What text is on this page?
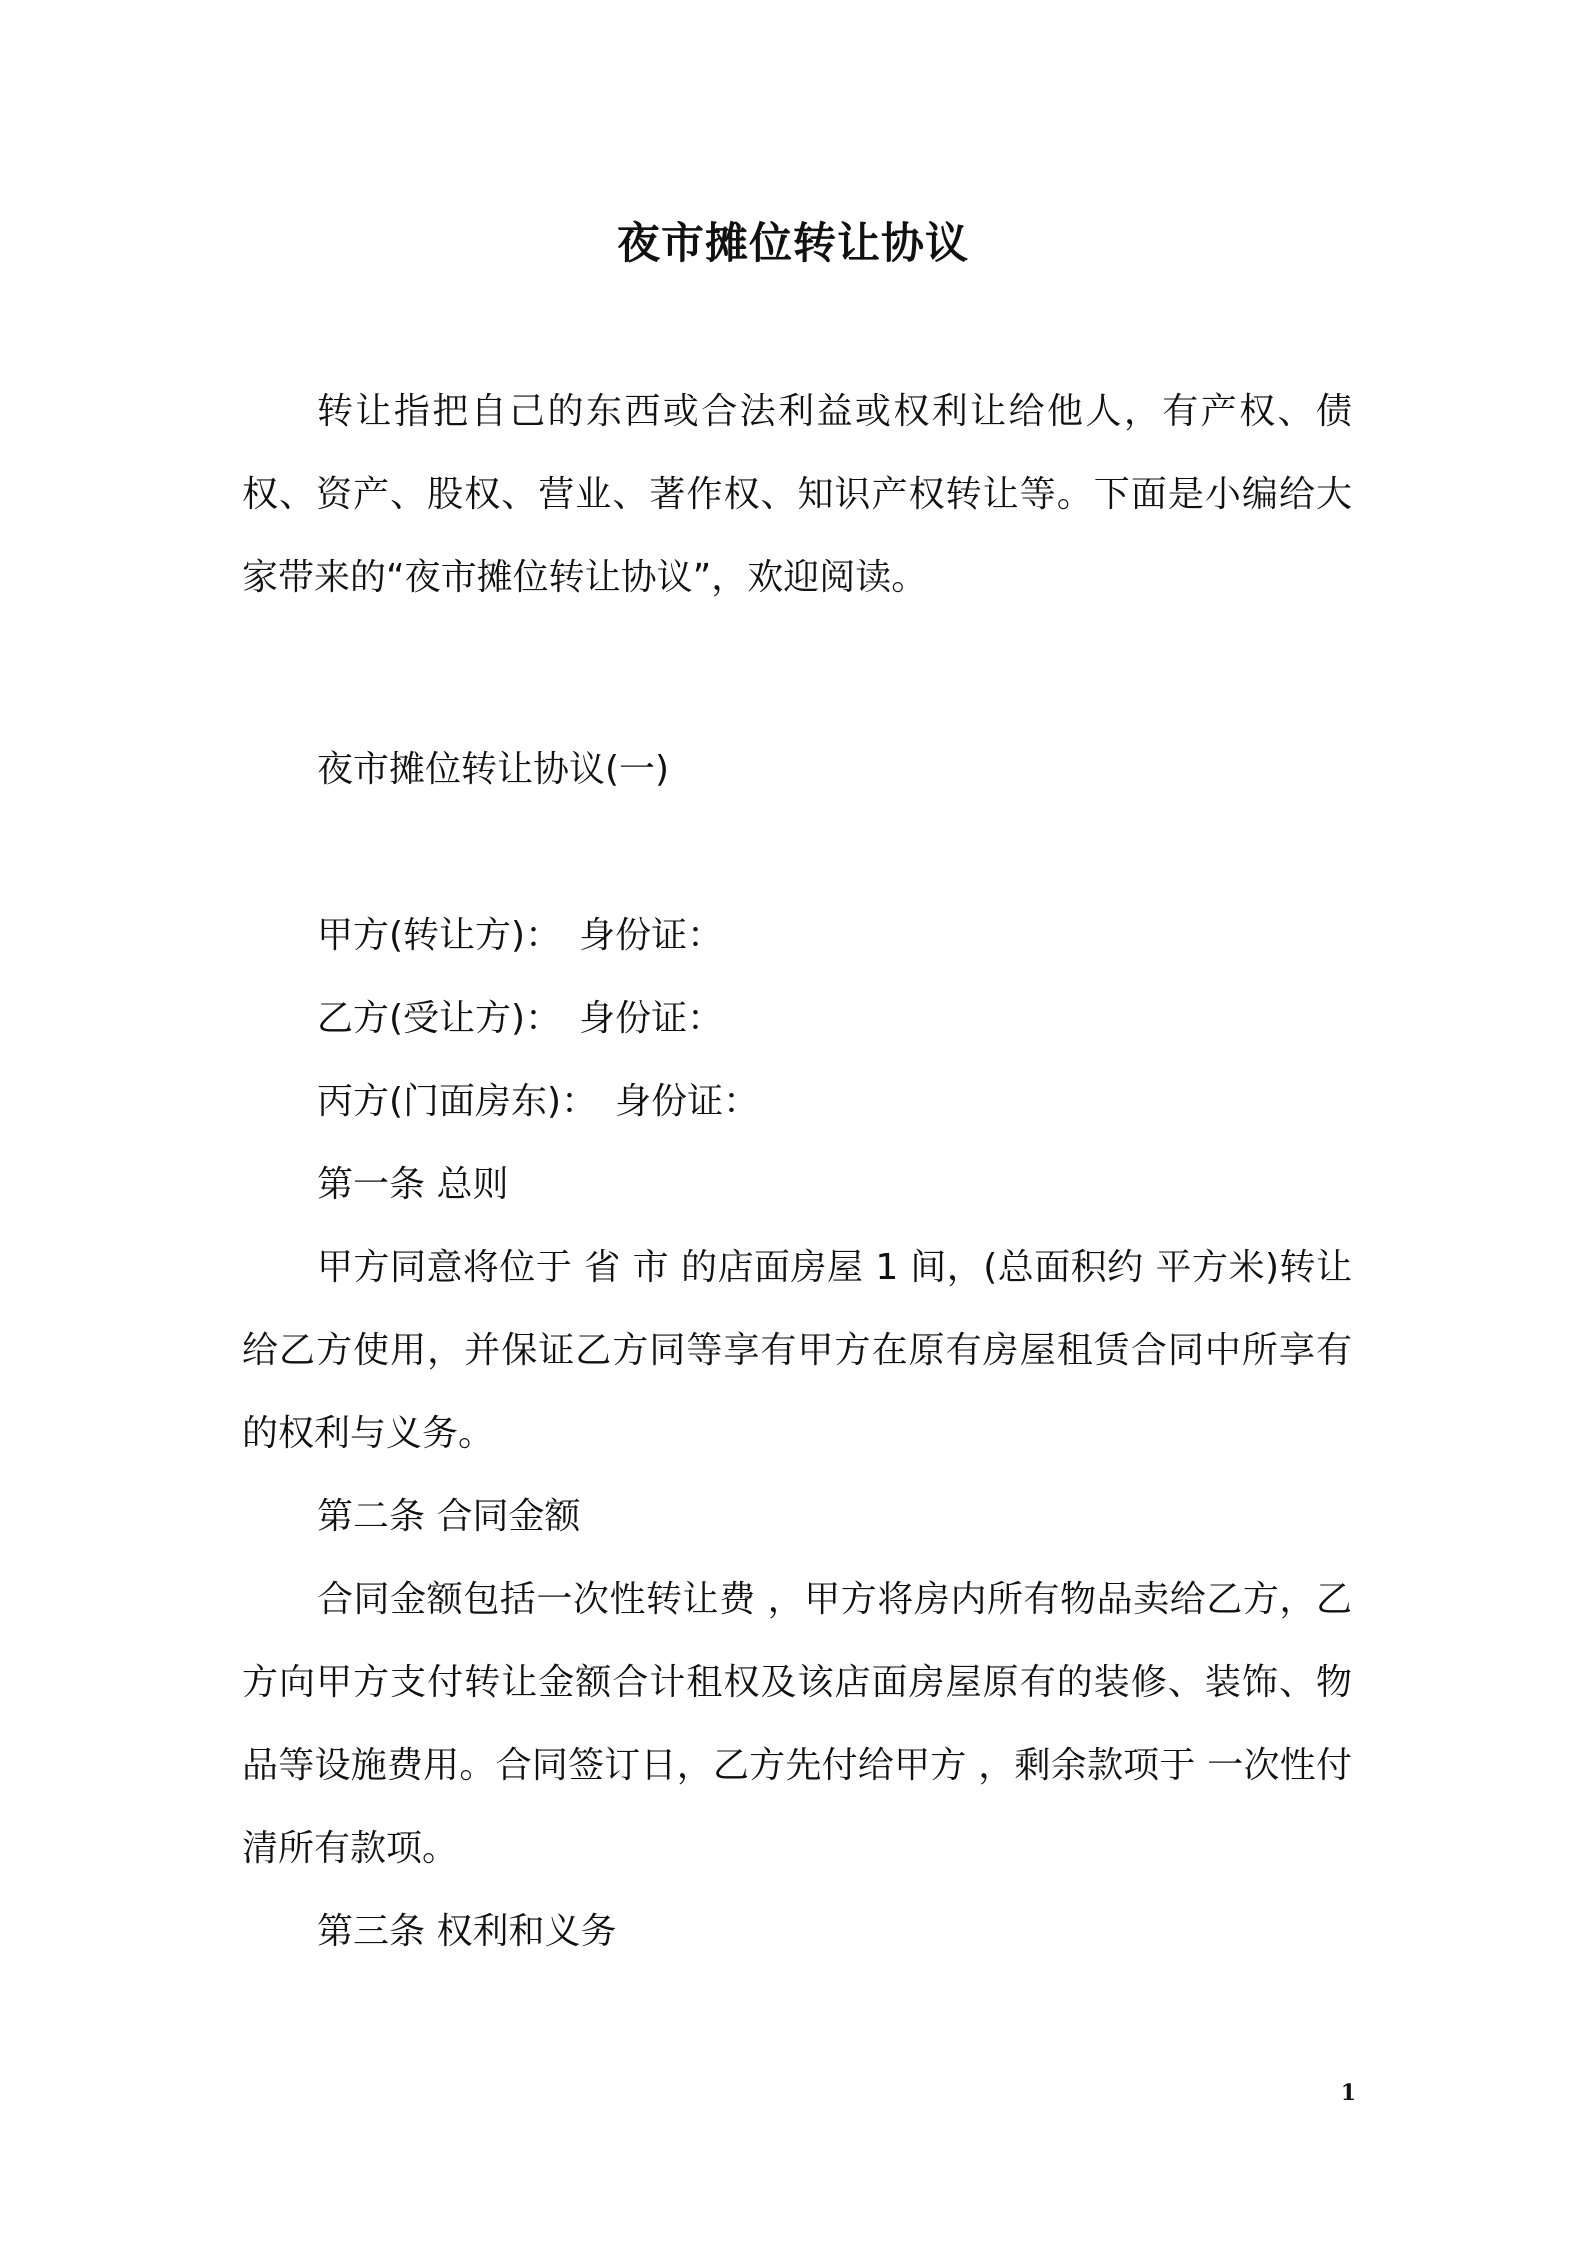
夜市摊位转让协议

转让指把自己的东西或合法利益或权利让给他人，有产权、债权、资产、股权、营业、著作权、知识产权转让等。下面是小编给大家带来的“夜市摊位转让协议”，欢迎阅读。

夜市摊位转让协议(一)
甲方(转让方)：　身份证：
乙方(受让方)：　身份证：
丙方(门面房东)：　身份证：
第一条 总则

甲方同意将位于 省 市 的店面房屋 1 间，(总面积约 平方米)转让给乙方使用，并保证乙方同等享有甲方在原有房屋租赁合同中所享有的权利与义务。

第二条 合同金额

合同金额包括一次性转让费 ，甲方将房内所有物品卖给乙方，乙方向甲方支付转让金额合计租权及该店面房屋原有的装修、装饰、物品等设施费用。合同签订日，乙方先付给甲方 ，剩余款项于 一次性付清所有款项。

第三条 权利和义务
1
